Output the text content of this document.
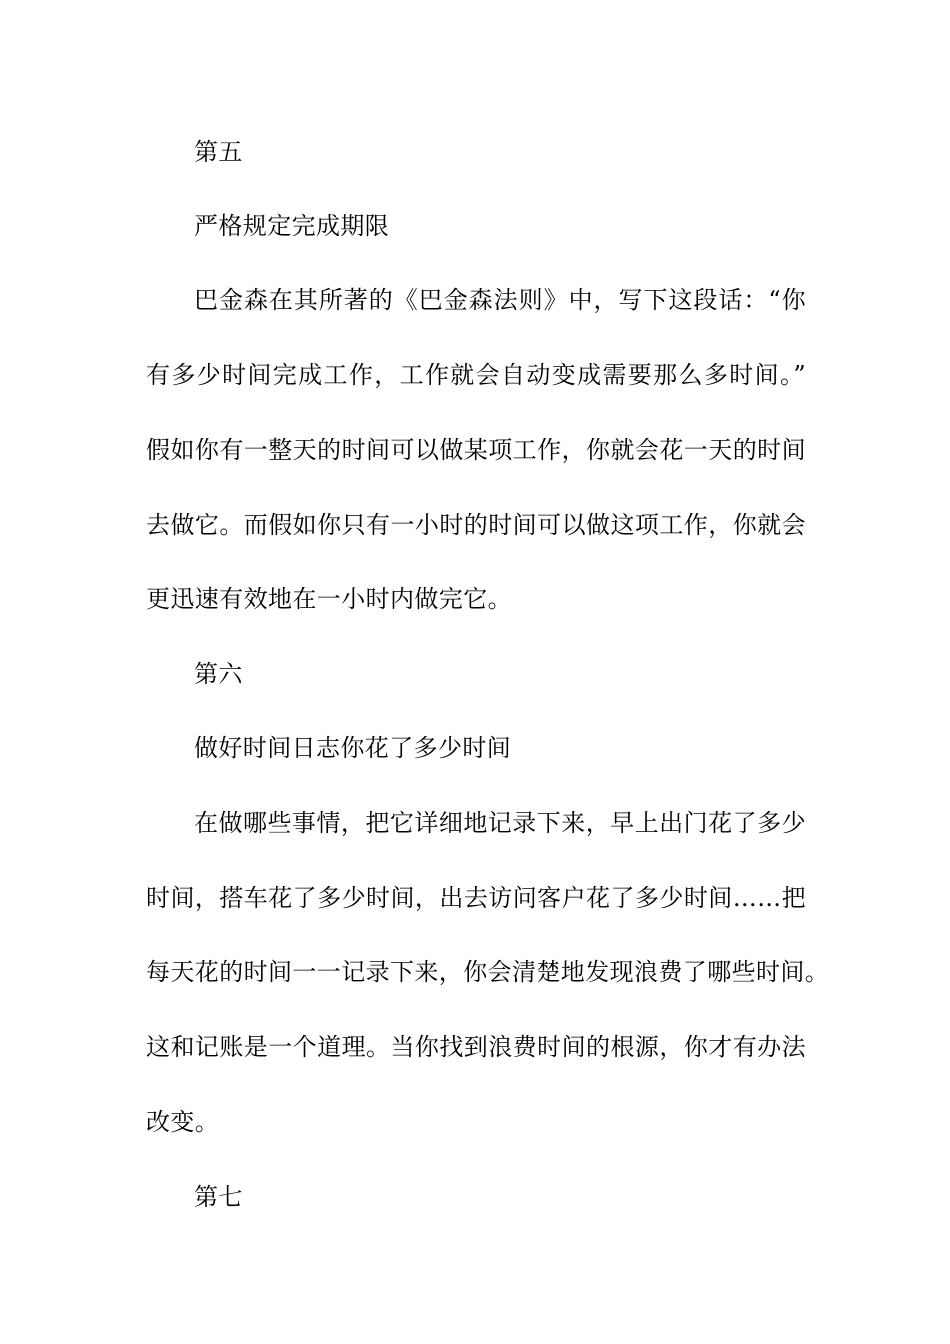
第五
严格规定完成期限
巴金森在其所著的《巴金森法则》中，写下这段话：“你
有多少时间完成工作，工作就会自动变成需要那么多时间。”
假如你有一整天的时间可以做某项工作，你就会花一天的时间
去做它。而假如你只有一小时的时间可以做这项工作，你就会
更迅速有效地在一小时内做完它。
第六
做好时间日志你花了多少时间
在做哪些事情，把它详细地记录下来，早上出门花了多少
时间，搭车花了多少时间，出去访问客户花了多少时间……把
每天花的时间一一记录下来，你会清楚地发现浪费了哪些时间。
这和记账是一个道理。当你找到浪费时间的根源，你才有办法
改变。
第七
